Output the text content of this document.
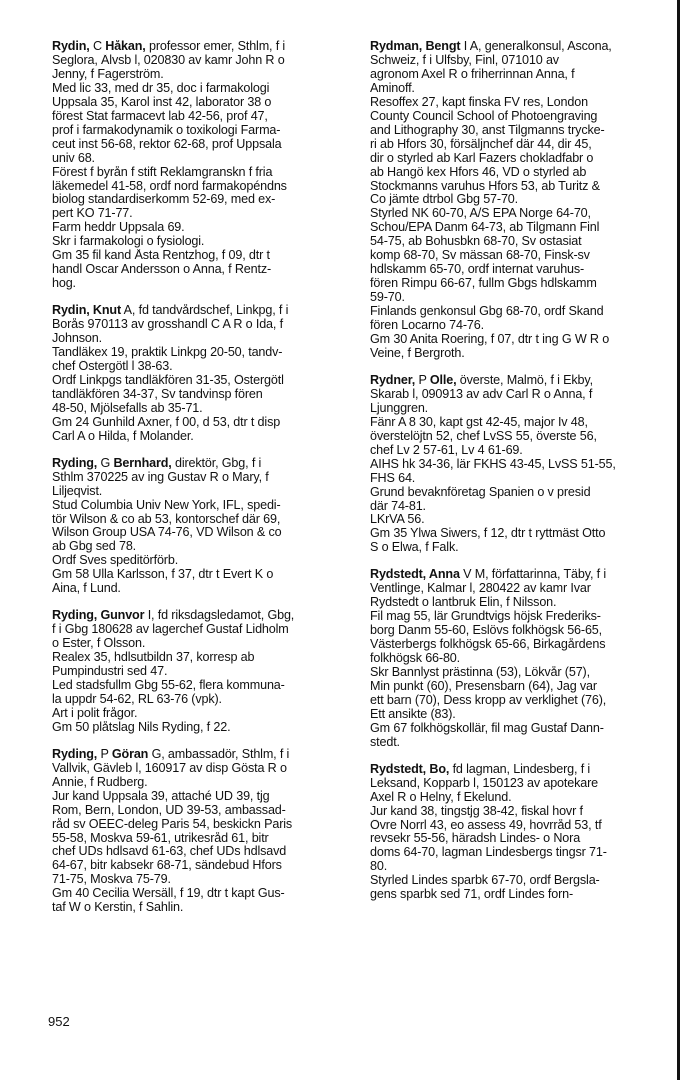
Rydin, C Håkan, professor emer, Sthlm, f i
Seglora, Älvsb l, 020830 av kamr John R o
Jenny, f Fagerström.
Med lic 33, med dr 35, doc i farmakologi
Uppsala 35, Karol inst 42, laborator 38 o
förest Stat farmacevt lab 42-56, prof 47,
prof i farmakodynamik o toxikologi Farma-
ceut inst 56-68, rektor 62-68, prof Uppsala
univ 68.
Förest f byrån f stift Reklamgranskn f fria
läkemedel 41-58, ordf nord farmakopéndns
biolog standardiserkomm 52-69, med ex-
pert KO 71-77.
Farm heddr Uppsala 69.
Skr i farmakologi o fysiologi.
Gm 35 fil kand Åsta Rentzhog, f 09, dtr t
handl Oscar Andersson o Anna, f Rentz-
hog.
Rydin, Knut A, fd tandvårdschef, Linkpg, f i
Borås 970113 av grosshandl C A R o Ida, f
Johnson.
Tandläkex 19, praktik Linkpg 20-50, tandv-
chef Östergötl l 38-63.
Ordf Linkpgs tandläkfören 31-35, Östergötl
tandläkfören 34-37, Sv tandvinsp fören
48-50, Mjölsefalls ab 35-71.
Gm 24 Gunhild Axner, f 00, d 53, dtr t disp
Carl A o Hilda, f Molander.
Ryding, G Bernhard, direktör, Gbg, f i
Sthlm 370225 av ing Gustav R o Mary, f
Liljeqvist.
Stud Columbia Univ New York, IFL, spedi-
tör Wilson & co ab 53, kontorschef där 69,
Wilson Group USA 74-76, VD Wilson & co
ab Gbg sed 78.
Ordf Sves speditörförb.
Gm 58 Ulla Karlsson, f 37, dtr t Evert K o
Aina, f Lund.
Ryding, Gunvor I, fd riksdagsledamot, Gbg,
f i Gbg 180628 av lagerchef Gustaf Lidholm
o Ester, f Olsson.
Realex 35, hdlsutbildn 37, korresp ab
Pumpindustri sed 47.
Led stadsfullm Gbg 55-62, flera kommuna-
la uppdr 54-62, RL 63-76 (vpk).
Art i polit frågor.
Gm 50 plåtslag Nils Ryding, f 22.
Ryding, P Göran G, ambassadör, Sthlm, f i
Vallvik, Gävleb l, 160917 av disp Gösta R o
Annie, f Rudberg.
Jur kand Uppsala 39, attaché UD 39, tjg
Rom, Bern, London, UD 39-53, ambassad-
råd sv OEEC-deleg Paris 54, beskickn Paris
55-58, Moskva 59-61, utrikesråd 61, bitr
chef UDs hdlsavd 61-63, chef UDs hdlsavd
64-67, bitr kabsekr 68-71, sändebud Hfors
71-75, Moskva 75-79.
Gm 40 Cecilia Wersäll, f 19, dtr t kapt Gus-
taf W o Kerstin, f Sahlin.
Rydman, Bengt I A, generalkonsul, Ascona,
Schweiz, f i Ulfsby, Finl, 071010 av
agronom Axel R o friherrinnan Anna, f
Aminoff.
Resoffex 27, kapt finska FV res, London
County Council School of Photoengraving
and Lithography 30, anst Tilgmanns trycke-
ri ab Hfors 30, försäljnchef där 44, dir 45,
dir o styrled ab Karl Fazers chokladfabr o
ab Hangö kex Hfors 46, VD o styrled ab
Stockmanns varuhus Hfors 53, ab Turitz &
Co jämte dtrbol Gbg 57-70.
Styrled NK 60-70, A/S EPA Norge 64-70,
Schou/EPA Danm 64-73, ab Tilgmann Finl
54-75, ab Bohusbkn 68-70, Sv ostasiat
komp 68-70, Sv mässan 68-70, Finsk-sv
hdlskamm 65-70, ordf internat varuhus-
fören Rimpu 66-67, fullm Gbgs hdlskamm
59-70.
Finlands genkonsul Gbg 68-70, ordf Skand
fören Locarno 74-76.
Gm 30 Anita Roering, f 07, dtr t ing G W R o
Veine, f Bergroth.
Rydner, P Olle, överste, Malmö, f i Ekby,
Skarab l, 090913 av adv Carl R o Anna, f
Ljunggren.
Fänr A 8 30, kapt gst 42-45, major Iv 48,
överstelöjtn 52, chef LvSS 55, överste 56,
chef Lv 2 57-61, Lv 4 61-69.
AIHS hk 34-36, lär FKHS 43-45, LvSS 51-55,
FHS 64.
Grund bevaknföretag Spanien o v presid
där 74-81.
LKrVA 56.
Gm 35 Ylwa Siwers, f 12, dtr t ryttmäst Otto
S o Elwa, f Falk.
Rydstedt, Anna V M, författarinna, Täby, f i
Ventlinge, Kalmar l, 280422 av kamr Ivar
Rydstedt o lantbruk Elin, f Nilsson.
Fil mag 55, lär Grundtvigs höjsk Frederiks-
borg Danm 55-60, Eslövs folkhögsk 56-65,
Västerbergs folkhögsk 65-66, Birkagårdens
folkhögsk 66-80.
Skr Bannlyst prästinna (53), Lökvår (57),
Min punkt (60), Presensbarn (64), Jag var
ett barn (70), Dess kropp av verklighet (76),
Ett ansikte (83).
Gm 67 folkhögskollär, fil mag Gustaf Dann-
stedt.
Rydstedt, Bo, fd lagman, Lindesberg, f i
Leksand, Kopparb l, 150123 av apotekare
Axel R o Helny, f Ekelund.
Jur kand 38, tingstjg 38-42, fiskal hovr f
Övre Norrl 43, eo assess 49, hovrråd 53, tf
revsekr 55-56, häradsh Lindes- o Nora
doms 64-70, lagman Lindesbergs tingsr 71-
80.
Styrled Lindes sparbk 67-70, ordf Bergsla-
gens sparbk sed 71, ordf Lindes forn-
952
